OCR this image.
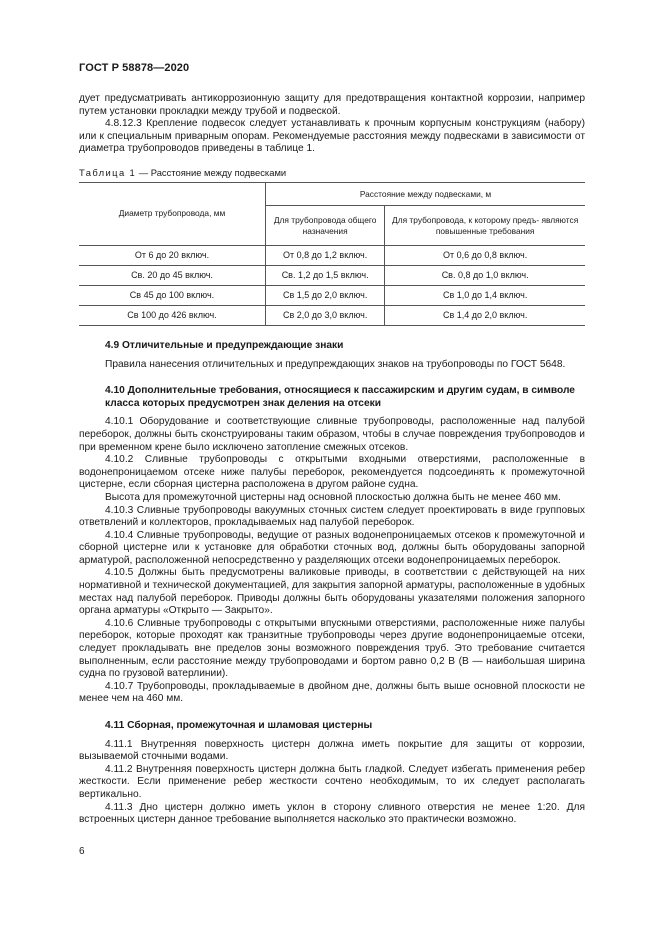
ГОСТ Р 58878—2020

дует предусматривать антикоррозионную защиту для предотвращения контактной коррозии, например путем установки прокладки между трубой и подвеской.

4.8.12.3 Крепление подвесок следует устанавливать к прочным корпусным конструкциям (набору) или к специальным приварным опорам. Рекомендуемые расстояния между подвесками в зависимости от диаметра трубопроводов приведены в таблице 1.

Таблица 1 — Расстояние между подвесками
Диаметр трубопровода, мм	Расстояние между подвесками, м	
	Для трубопровода общего назначения	Для трубопровода, к которому предъ- являются повышенные требования
От 6 до 20 включ.	От 0,8 до 1,2 включ.	От 0,6 до 0,8 включ.
Св. 20 до 45 включ.	Св. 1,2 до 1,5 включ.	Св. 0,8 до 1,0 включ.
Св 45 до 100 включ.	Св 1,5 до 2,0 включ.	Св 1,0 до 1,4 включ.
Св 100 до 426 включ.	Св 2,0 до 3,0 включ.	Св 1,4 до 2,0 включ.
4.9 Отличительные и предупреждающие знаки

Правила нанесения отличительных и предупреждающих знаков на трубопроводы по ГОСТ 5648.

4.10 Дополнительные требования, относящиеся к пассажирским и другим судам, в символе класса которых предусмотрен знак деления на отсеки

4.10.1 Оборудование и соответствующие сливные трубопроводы, расположенные над палубой переборок, должны быть сконструированы таким образом, чтобы в случае повреждения трубопроводов и при временном крене было исключено затопление смежных отсеков.

4.10.2 Сливные трубопроводы с открытыми входными отверстиями, расположенные в водонепроницаемом отсеке ниже палубы переборок, рекомендуется подсоединять к промежуточной цистерне, если сборная цистерна расположена в другом районе судна.

Высота для промежуточной цистерны над основной плоскостью должна быть не менее 460 мм.

4.10.3 Сливные трубопроводы вакуумных сточных систем следует проектировать в виде групповых ответвлений и коллекторов, прокладываемых над палубой переборок.

4.10.4 Сливные трубопроводы, ведущие от разных водонепроницаемых отсеков к промежуточной и сборной цистерне или к установке для обработки сточных вод, должны быть оборудованы запорной арматурой, расположенной непосредственно у разделяющих отсеки водонепроницаемых переборок.

4.10.5 Должны быть предусмотрены валиковые приводы, в соответствии с действующей на них нормативной и технической документацией, для закрытия запорной арматуры, расположенные в удобных местах над палубой переборок. Приводы должны быть оборудованы указателями положения запорного органа арматуры «Открыто — Закрыто».

4.10.6 Сливные трубопроводы с открытыми впускными отверстиями, расположенные ниже палубы переборок, которые проходят как транзитные трубопроводы через другие водонепроницаемые отсеки, следует прокладывать вне пределов зоны возможного повреждения труб. Это требование считается выполненным, если расстояние между трубопроводами и бортом равно 0,2 В (В — наибольшая ширина судна по грузовой ватерлинии).

4.10.7 Трубопроводы, прокладываемые в двойном дне, должны быть выше основной плоскости не менее чем на 460 мм.

4.11 Сборная, промежуточная и шламовая цистерны

4.11.1 Внутренняя поверхность цистерн должна иметь покрытие для защиты от коррозии, вызываемой сточными водами.

4.11.2 Внутренняя поверхность цистерн должна быть гладкой. Следует избегать применения ребер жесткости. Если применение ребер жесткости сочтено необходимым, то их следует располагать вертикально.

4.11.3 Дно цистерн должно иметь уклон в сторону сливного отверстия не менее 1:20. Для встроенных цистерн данное требование выполняется насколько это практически возможно.

6
